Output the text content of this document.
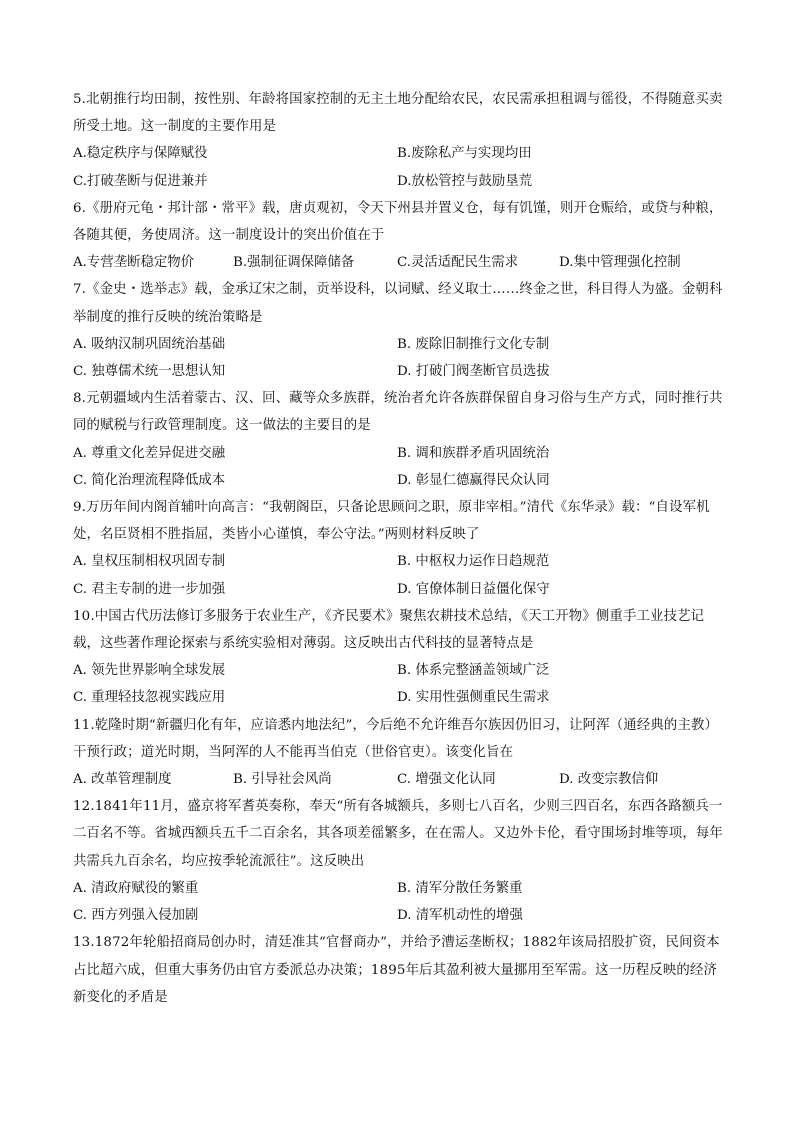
5.北朝推行均田制，按性别、年龄将国家控制的无主土地分配给农民，农民需承担租调与徭役，不得随意买卖所受土地。这一制度的主要作用是

A.稳定秩序与保障赋役	B.废除私产与实现均田
C.打破垄断与促进兼并	D.放松管控与鼓励垦荒

6.《册府元龟・邦计部・常平》载，唐贞观初，令天下州县并置义仓，每有饥馑，则开仓赈给，或贷与种粮，各随其便，务使周济。这一制度设计的突出价值在于

A.专营垄断稳定物价	B.强制征调保障储备	C.灵活适配民生需求	D.集中管理强化控制

7.《金史・选举志》载，金承辽宋之制，贡举设科，以词赋、经义取士……终金之世，科目得人为盛。金朝科举制度的推行反映的统治策略是

A. 吸纳汉制巩固统治基础	B. 废除旧制推行文化专制
C. 独尊儒术统一思想认知	D. 打破门阀垄断官员选拔

8.元朝疆域内生活着蒙古、汉、回、藏等众多族群，统治者允许各族群保留自身习俗与生产方式，同时推行共同的赋税与行政管理制度。这一做法的主要目的是

A. 尊重文化差异促进交融	B. 调和族群矛盾巩固统治
C. 简化治理流程降低成本	D. 彰显仁德赢得民众认同

9.万历年间内阁首辅叶向高言：“我朝阁臣，只备论思顾问之职，原非宰相。”清代《东华录》载：“自设军机处，名臣贤相不胜指屈，类皆小心谨慎，奉公守法。”两则材料反映了

A. 皇权压制相权巩固专制	B. 中枢权力运作日趋规范
C. 君主专制的进一步加强	D. 官僚体制日益僵化保守

10.中国古代历法修订多服务于农业生产，《齐民要术》聚焦农耕技术总结，《天工开物》侧重手工业技艺记载，这些著作理论探索与系统实验相对薄弱。这反映出古代科技的显著特点是

A. 领先世界影响全球发展	B. 体系完整涵盖领域广泛
C. 重理轻技忽视实践应用	D. 实用性强侧重民生需求

11.乾隆时期“新疆归化有年，应谙悉内地法纪”，今后绝不允许维吾尔族因仍旧习，让阿浑（通经典的主教）干预行政；道光时期，当阿浑的人不能再当伯克（世俗官吏）。该变化旨在

A. 改革管理制度	B. 引导社会风尚	C. 增强文化认同	D. 改变宗教信仰

12.1841年11月，盛京将军耆英奏称，奉天“所有各城额兵，多则七八百名，少则三四百名，东西各路额兵一二百名不等。省城西额兵五千二百余名，其各项差徭繁多，在在需人。又边外卡伦，看守围场封堆等项，每年共需兵九百余名，均应按季轮流派往”。这反映出

A. 清政府赋役的繁重	B. 清军分散任务繁重
C. 西方列强入侵加剧	D. 清军机动性的增强

13.1872年轮船招商局创办时，清廷准其“官督商办”，并给予漕运垄断权；1882年该局招股扩资，民间资本占比超六成，但重大事务仍由官方委派总办决策；1895年后其盈利被大量挪用至军需。这一历程反映的经济新变化的矛盾是
